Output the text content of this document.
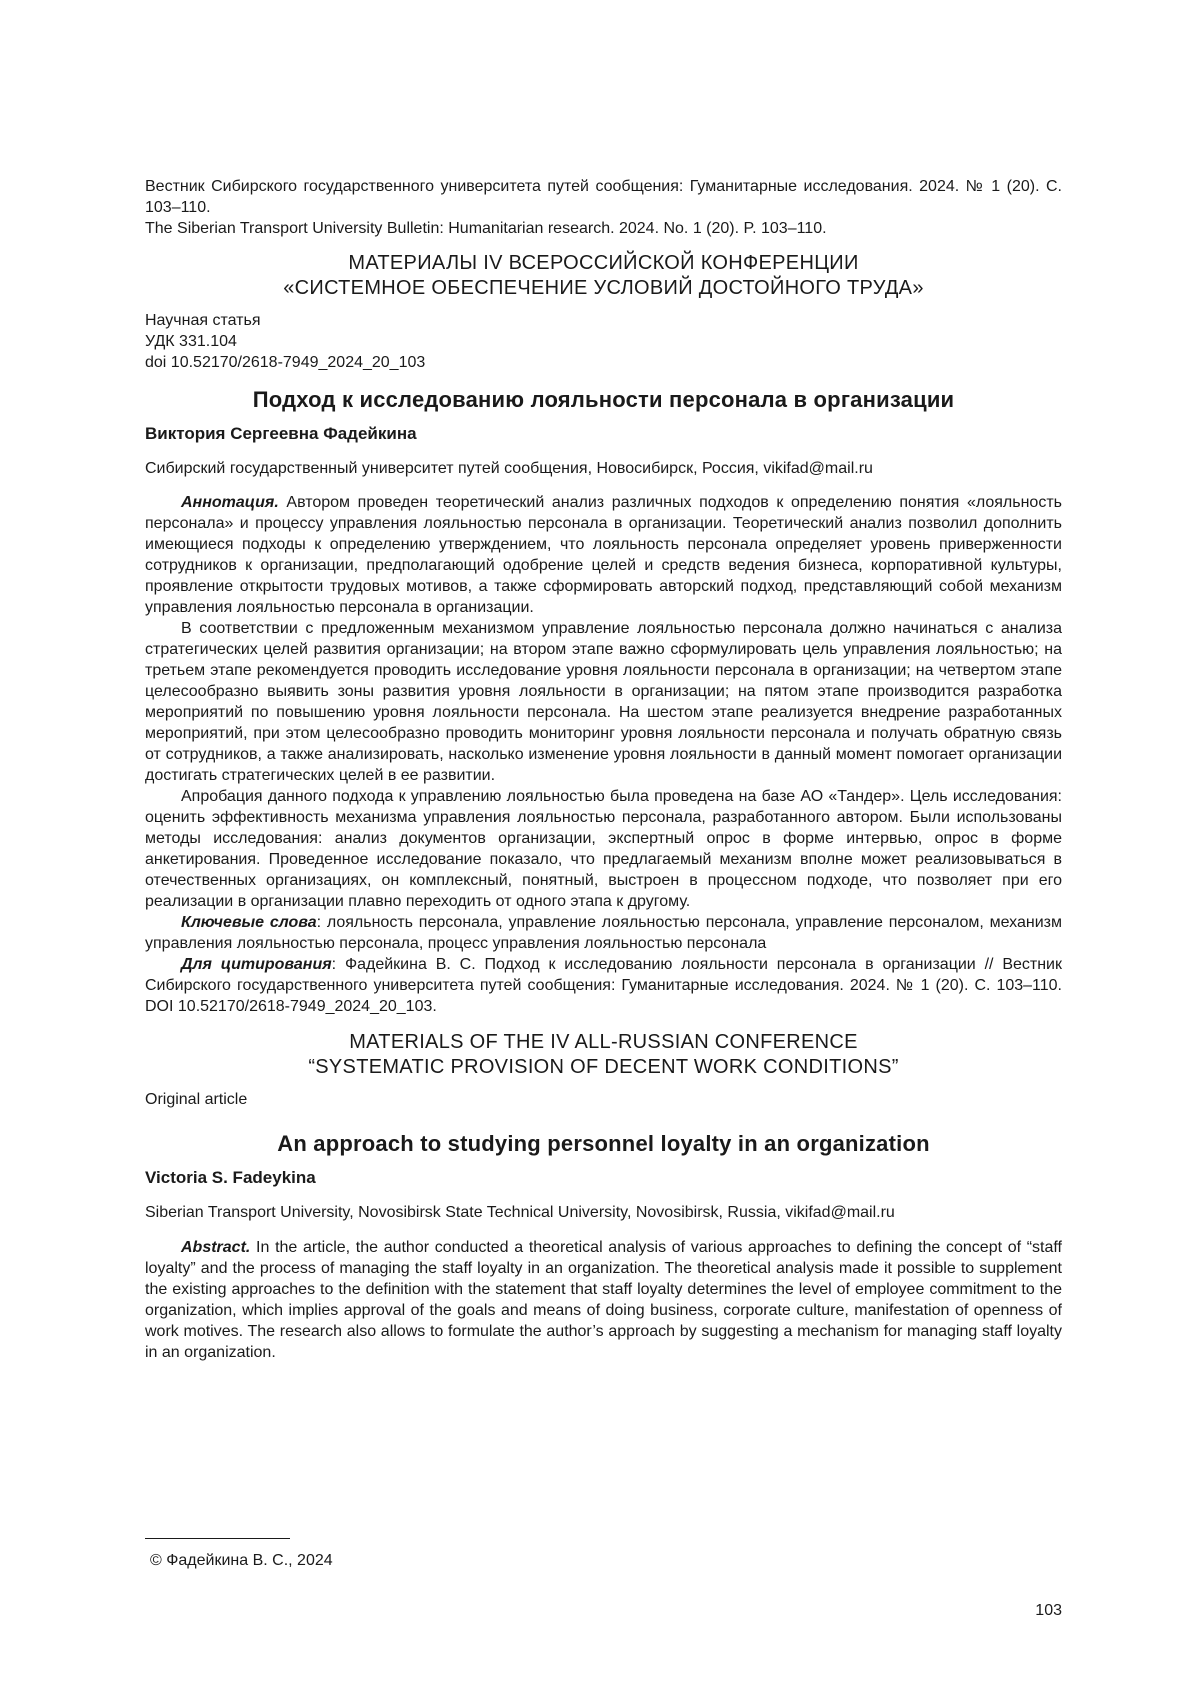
Вестник Сибирского государственного университета путей сообщения: Гуманитарные исследования. 2024. № 1 (20). С. 103–110.

The Siberian Transport University Bulletin: Humanitarian research. 2024. No. 1 (20). P. 103–110.

МАТЕРИАЛЫ IV ВСЕРОССИЙСКОЙ КОНФЕРЕНЦИИ

«СИСТЕМНОЕ ОБЕСПЕЧЕНИЕ УСЛОВИЙ ДОСТОЙНОГО ТРУДА»

Научная статья

УДК 331.104

doi 10.52170/2618-7949_2024_20_103

Подход к исследованию лояльности персонала в организации

Виктория Сергеевна Фадейкина

Сибирский государственный университет путей сообщения, Новосибирск, Россия, vikifad@mail.ru

Аннотация. Автором проведен теоретический анализ различных подходов к определению понятия «лояльность персонала» и процессу управления лояльностью персонала в организации. Теоретический анализ позволил дополнить имеющиеся подходы к определению утверждением, что лояльность персонала определяет уровень приверженности сотрудников к организации, предполагающий одобрение целей и средств ведения бизнеса, корпоративной культуры, проявление открытости трудовых мотивов, а также сформировать авторский подход, представляющий собой механизм управления лояльностью персонала в организации.

В соответствии с предложенным механизмом управление лояльностью персонала должно начинаться с анализа стратегических целей развития организации; на втором этапе важно сформулировать цель управления лояльностью; на третьем этапе рекомендуется проводить исследование уровня лояльности персонала в организации; на четвертом этапе целесообразно выявить зоны развития уровня лояльности в организации; на пятом этапе производится разработка мероприятий по повышению уровня лояльности персонала. На шестом этапе реализуется внедрение разработанных мероприятий, при этом целесообразно проводить мониторинг уровня лояльности персонала и получать обратную связь от сотрудников, а также анализировать, насколько изменение уровня лояльности в данный момент помогает организации достигать стратегических целей в ее развитии.

Апробация данного подхода к управлению лояльностью была проведена на базе АО «Тандер». Цель исследования: оценить эффективность механизма управления лояльностью персонала, разработанного автором. Были использованы методы исследования: анализ документов организации, экспертный опрос в форме интервью, опрос в форме анкетирования. Проведенное исследование показало, что предлагаемый механизм вполне может реализовываться в отечественных организациях, он комплексный, понятный, выстроен в процессном подходе, что позволяет при его реализации в организации плавно переходить от одного этапа к другому.

Ключевые слова: лояльность персонала, управление лояльностью персонала, управление персоналом, механизм управления лояльностью персонала, процесс управления лояльностью персонала

Для цитирования: Фадейкина В. С. Подход к исследованию лояльности персонала в организации // Вестник Сибирского государственного университета путей сообщения: Гуманитарные исследования. 2024. № 1 (20). С. 103–110. DOI 10.52170/2618-7949_2024_20_103.

MATERIALS OF THE IV ALL-RUSSIAN CONFERENCE

“SYSTEMATIC PROVISION OF DECENT WORK CONDITIONS”

Original article

An approach to studying personnel loyalty in an organization

Victoria S. Fadeykina

Siberian Transport University, Novosibirsk State Technical University, Novosibirsk, Russia, vikifad@mail.ru

Abstract. In the article, the author conducted a theoretical analysis of various approaches to defining the concept of “staff loyalty” and the process of managing the staff loyalty in an organization. The theoretical analysis made it possible to supplement the existing approaches to the definition with the statement that staff loyalty determines the level of employee commitment to the organization, which implies approval of the goals and means of doing business, corporate culture, manifestation of openness of work motives. The research also allows to formulate the author’s approach by suggesting a mechanism for managing staff loyalty in an organization.

© Фадейкина В. С., 2024

103
